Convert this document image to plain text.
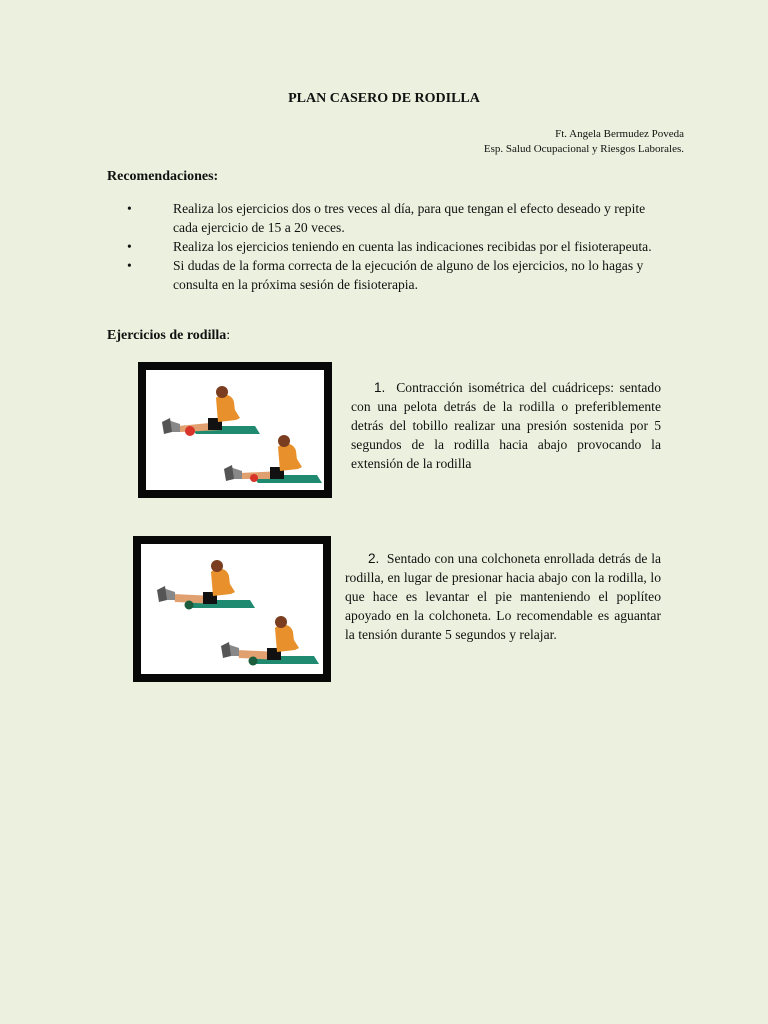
PLAN CASERO DE RODILLA
Ft. Angela Bermudez Poveda
Esp. Salud Ocupacional y Riesgos Laborales.
Recomendaciones:
•	Realiza los ejercicios dos o tres veces al día, para que tengan el efecto deseado y repite cada ejercicio de 15 a 20 veces.
•	Realiza los ejercicios teniendo en cuenta las indicaciones recibidas por el fisioterapeuta.
•	Si dudas de la forma correcta de la ejecución de alguno de los ejercicios, no lo hagas y consulta en la próxima sesión de fisioterapia.
Ejercicios de rodilla:
1. Contracción isométrica del cuádriceps: sentado con una pelota detrás de la rodilla o preferiblemente detrás del tobillo realizar una presión sostenida por 5 segundos de la rodilla hacia abajo provocando la extensión de la rodilla
2. Sentado con una colchoneta enrollada detrás de la rodilla, en lugar de presionar hacia abajo con la rodilla, lo que hace es levantar el pie manteniendo el poplíteo apoyado en la colchoneta. Lo recomendable es aguantar la tensión durante 5 segundos y relajar.
